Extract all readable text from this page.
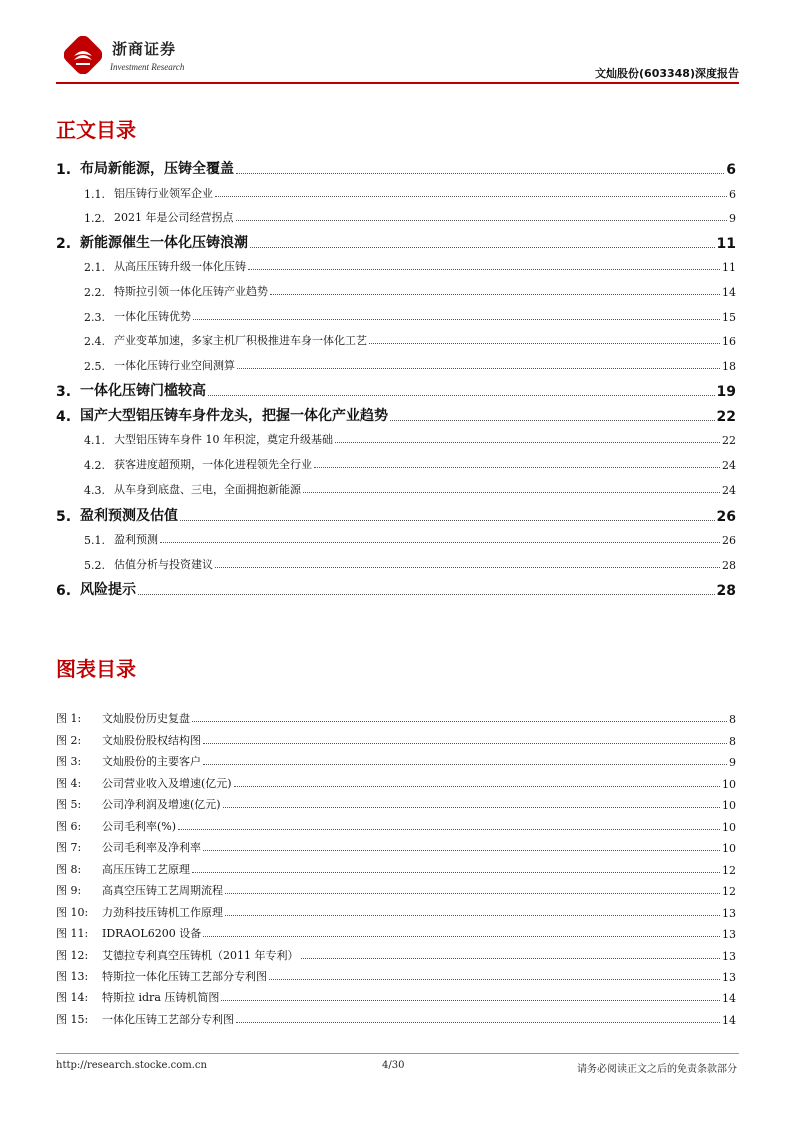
浙商证券
Investment Research	文灿股份(603348)深度报告
正文目录
1. 布局新能源，压铸全覆盖	6
1.1. 铝压铸行业领军企业	6
1.2. 2021 年是公司经营拐点	9
2. 新能源催生一体化压铸浪潮	11
2.1. 从高压压铸升级一体化压铸	11
2.2. 特斯拉引领一体化压铸产业趋势	14
2.3. 一体化压铸优势	15
2.4. 产业变革加速，多家主机厂积极推进车身一体化工艺	16
2.5. 一体化压铸行业空间测算	18
3. 一体化压铸门槛较高	19
4. 国产大型铝压铸车身件龙头，把握一体化产业趋势	22
4.1. 大型铝压铸车身件 10 年积淀，奠定升级基础	22
4.2. 获客进度超预期，一体化进程领先全行业	24
4.3. 从车身到底盘、三电，全面拥抱新能源	24
5. 盈利预测及估值	26
5.1. 盈利预测	26
5.2. 估值分析与投资建议	28
6. 风险提示	28
图表目录
图 1:	文灿股份历史复盘	8
图 2:	文灿股份股权结构图	8
图 3:	文灿股份的主要客户	9
图 4:	公司营业收入及增速(亿元)	10
图 5:	公司净利润及增速(亿元)	10
图 6:	公司毛利率(%)	10
图 7:	公司毛利率及净利率	10
图 8:	高压压铸工艺原理	12
图 9:	高真空压铸工艺周期流程	12
图 10:	力劲科技压铸机工作原理	13
图 11:	IDRAOL6200 设备	13
图 12:	艾德拉专利真空压铸机（2011 年专利）	13
图 13:	特斯拉一体化压铸工艺部分专利图	13
图 14:	特斯拉 idra 压铸机简图	14
图 15:	一体化压铸工艺部分专利图	14
http://research.stocke.com.cn	4/30	请务必阅读正文之后的免责条款部分
